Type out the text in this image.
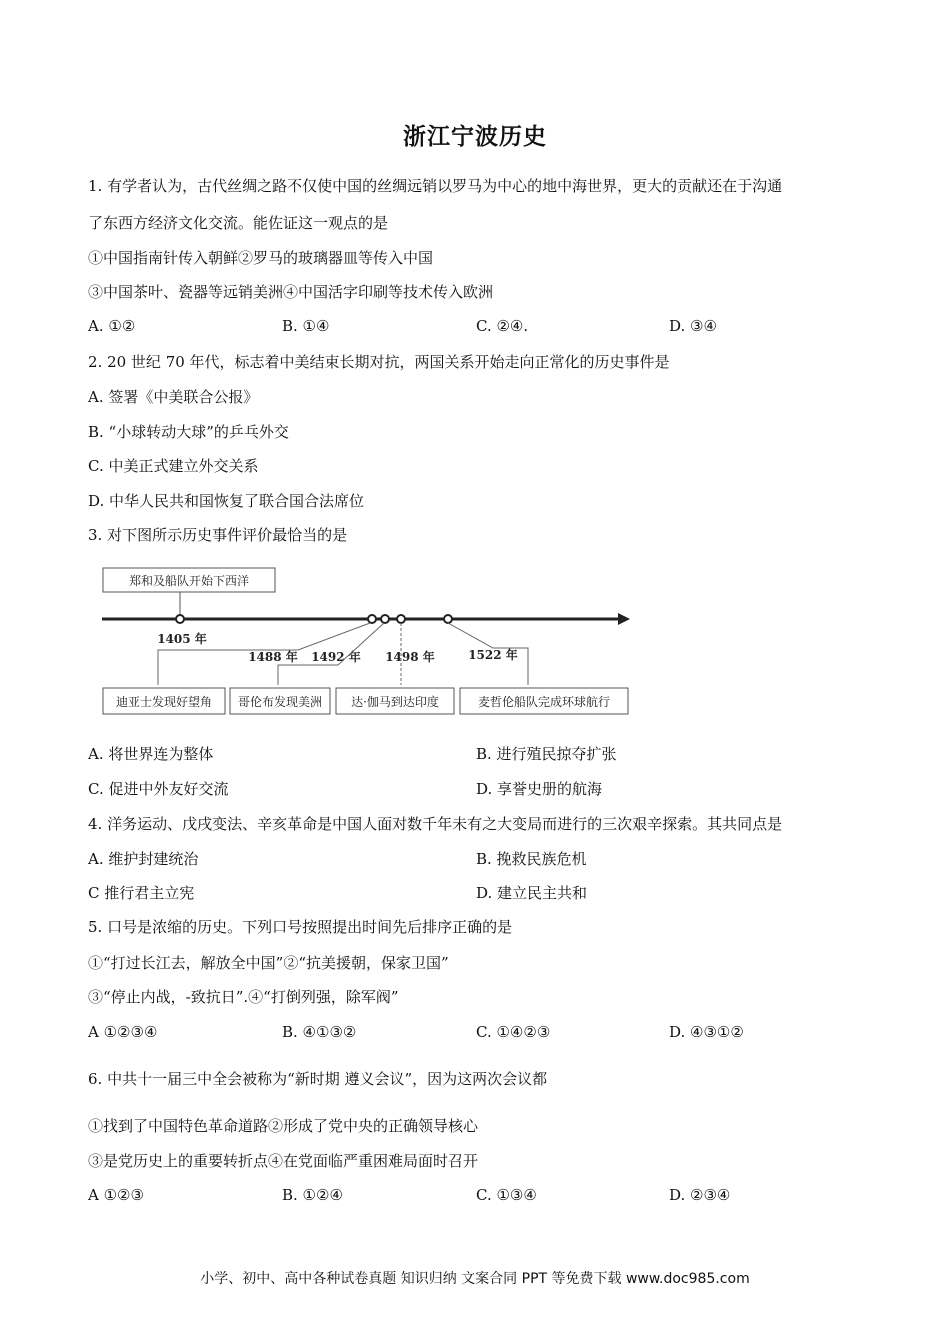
浙江宁波历史
1. 有学者认为，古代丝绸之路不仅使中国的丝绸远销以罗马为中心的地中海世界，更大的贡献还在于沟通
了东西方经济文化交流。能佐证这一观点的是
①中国指南针传入朝鲜②罗马的玻璃器皿等传入中国
③中国茶叶、瓷器等远销美洲④中国活字印刷等技术传入欧洲
A. ①②	B. ①④	C. ②④.	D. ③④
2. 20 世纪 70 年代，标志着中美结束长期对抗，两国关系开始走向正常化的历史事件是
A. 签署《中美联合公报》
B. “小球转动大球”的乒乓外交
C. 中美正式建立外交关系
D. 中华人民共和国恢复了联合国合法席位
3. 对下图所示历史事件评价最恰当的是
郑和及船队开始下西洋
1405 年
1488 年 1492 年 1498 年	1522 年
迪亚士发现好望角 哥伦布发现美洲 达·伽马到达印度	麦哲伦船队完成环球航行
A. 将世界连为整体	B. 进行殖民掠夺扩张
C. 促进中外友好交流	D. 享誉史册的航海
4. 洋务运动、戊戌变法、辛亥革命是中国人面对数千年未有之大变局而进行的三次艰辛探索。其共同点是
A. 维护封建统治	B. 挽救民族危机
C 推行君主立宪	D. 建立民主共和
5. 口号是浓缩的历史。下列口号按照提出时间先后排序正确的是
①“打过长江去，解放全中国”②“抗美援朝，保家卫国”
③“停止内战，-致抗日”.④“打倒列强，除军阀”
A ①②③④	B. ④①③②	C. ①④②③	D. ④③①②
6. 中共十一届三中全会被称为“新时期 遵义会议”，因为这两次会议都
①找到了中国特色革命道路②形成了党中央的正确领导核心
③是党历史上的重要转折点④在党面临严重困难局面时召开
A ①②③	B. ①②④	C. ①③④	D. ②③④
小学、初中、高中各种试卷真题 知识归纳 文案合同 PPT 等免费下载 www.doc985.com
